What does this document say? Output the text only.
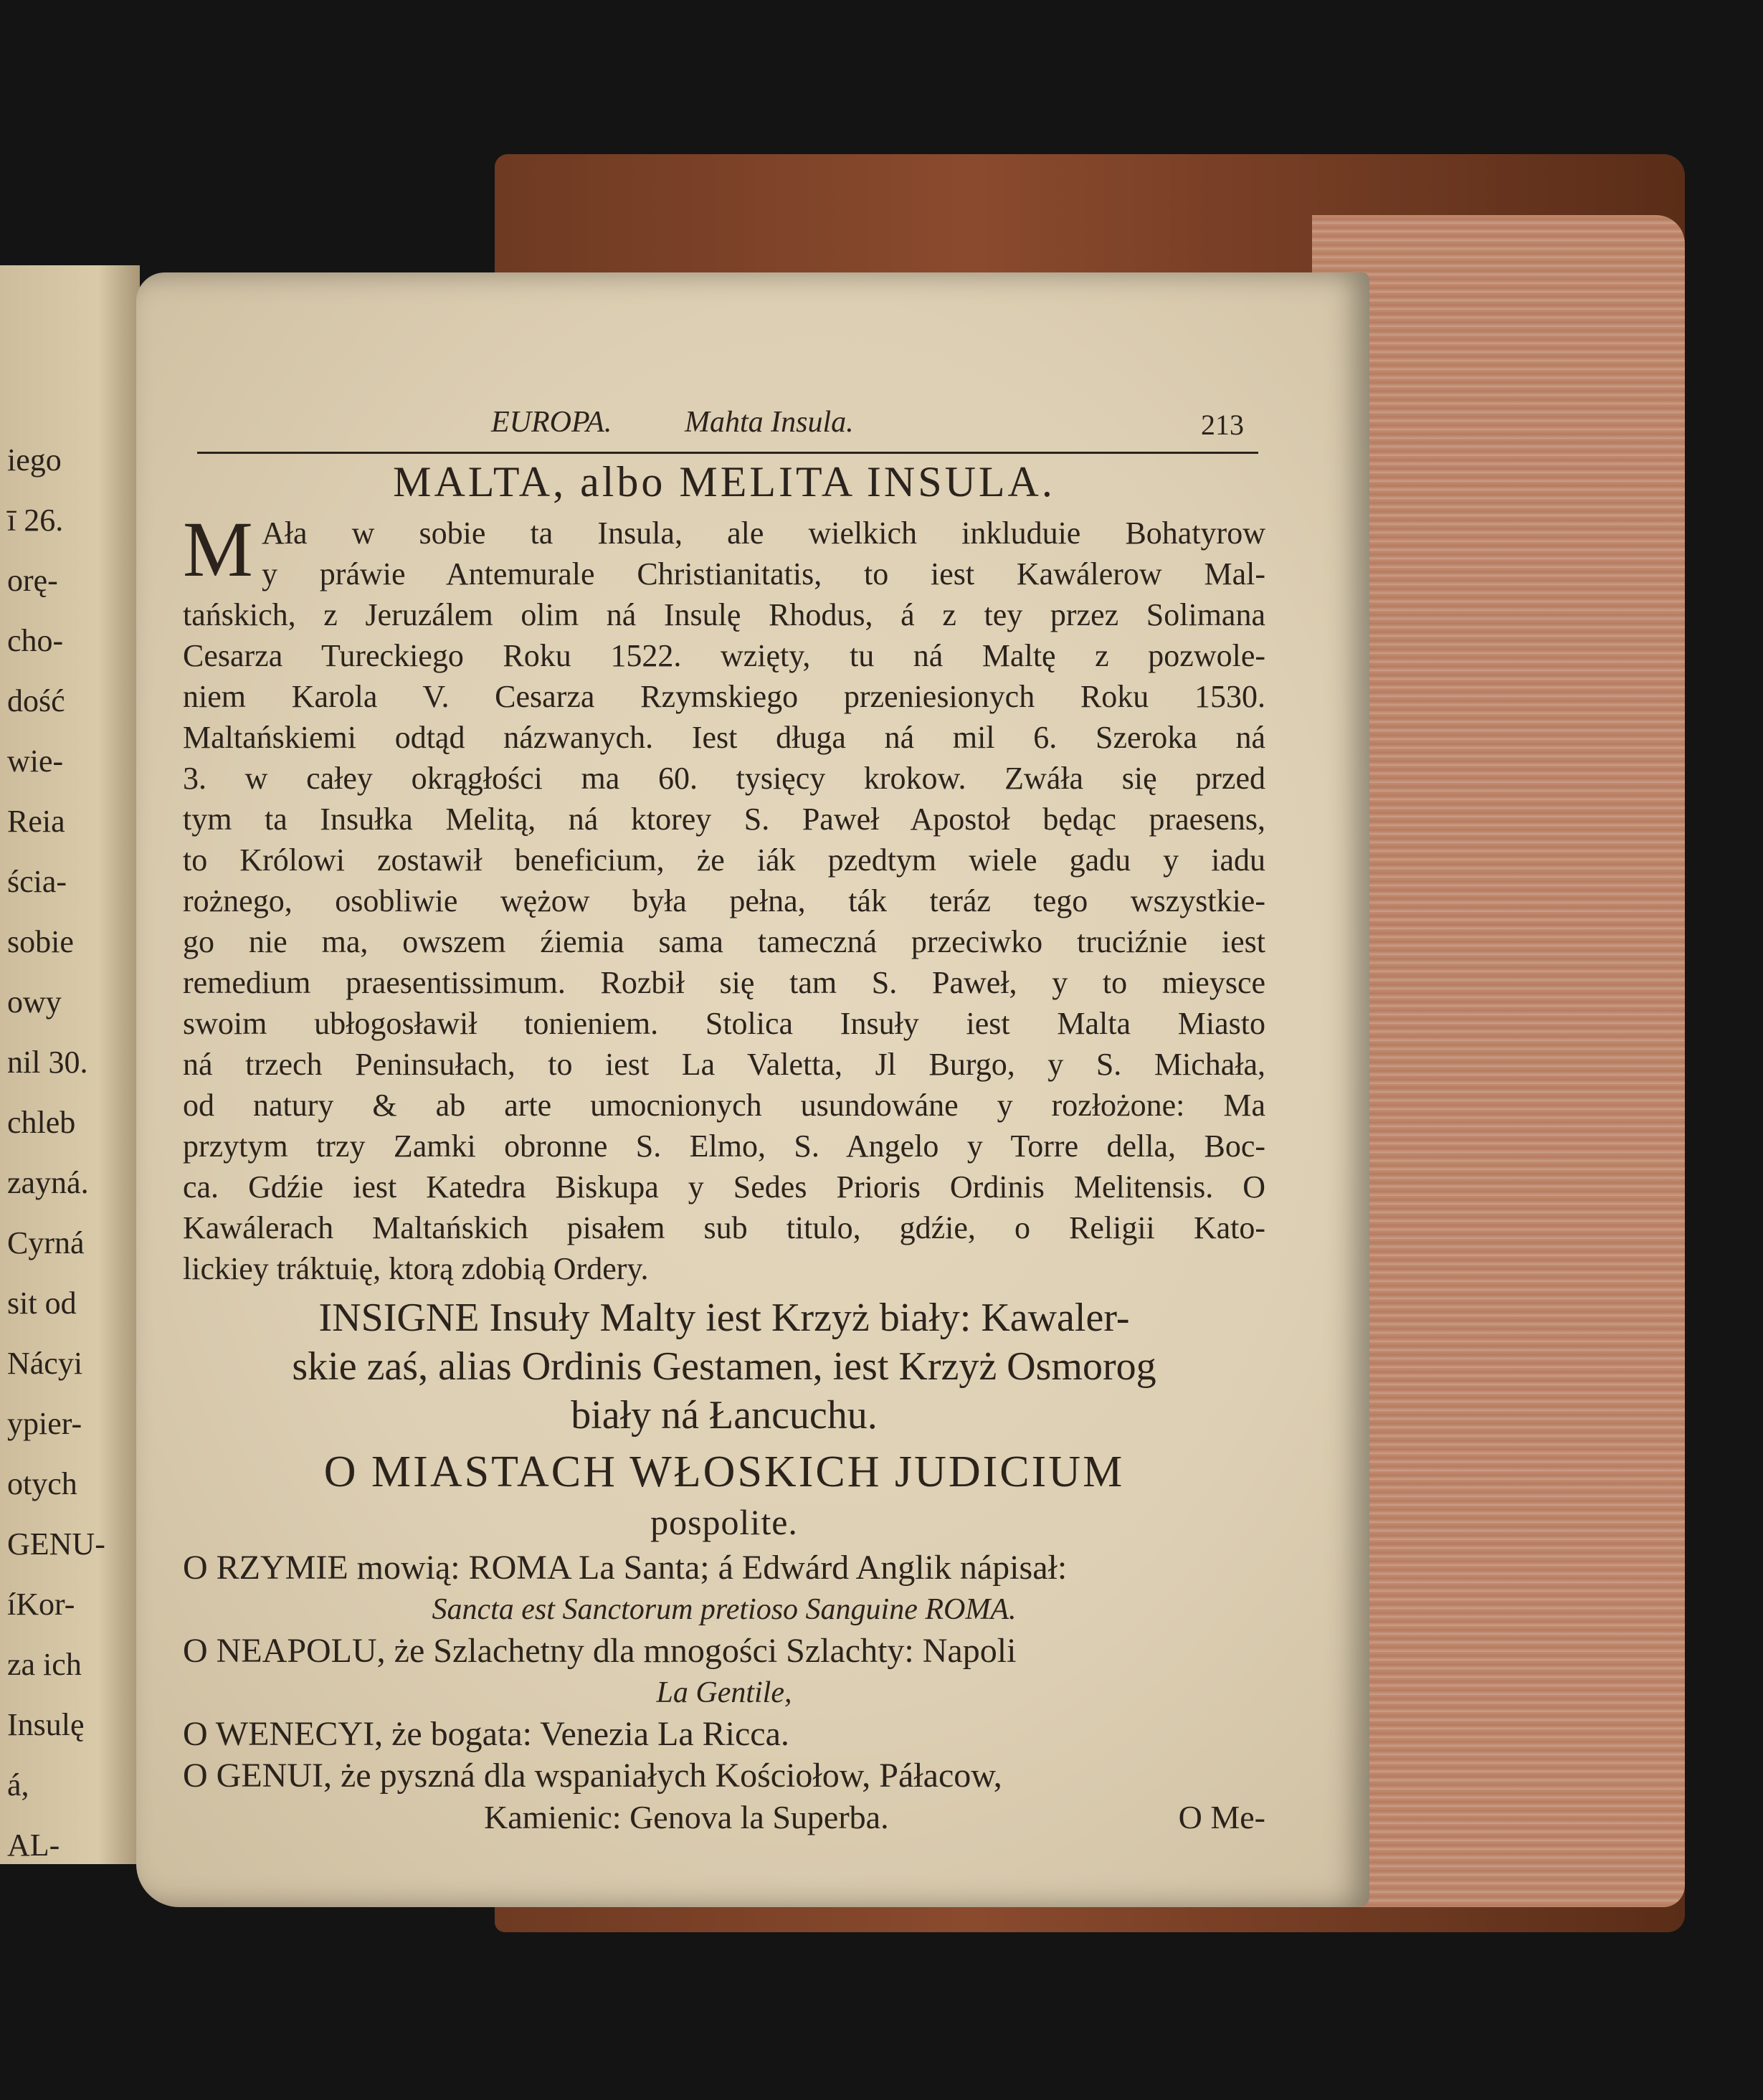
iego
ī 26.
orę-
cho-
dość
wie-
Reia
ścia-
sobie
owy
nil 30.
chleb
zayná.
Cyrná
sit od
Nácyi
ypier-
otych
GENU-
íKor-
za ich
Insulę
á,
AL-
EUROPA. Mahta Insula.	213
MALTA, albo MELITA INSULA.
M Ała w sobie ta Insula, ale wielkich inkluduie Bohatyrow

y práwie Antemurale Christianitatis, to iest Kawálerow Mal-

tańskich, z Jeruzálem olim ná Insulę Rhodus, á z tey przez Solimana

Cesarza Tureckiego Roku 1522. wzięty, tu ná Maltę z pozwole-

niem Karola V. Cesarza Rzymskiego przeniesionych Roku 1530.

Maltańskiemi odtąd názwanych. Iest długa ná mil 6. Szeroka ná

3. w całey okrągłości ma 60. tysięcy krokow. Zwáła się przed

tym ta Insułka Melitą, ná ktorey S. Paweł Apostoł będąc praesens,

to Królowi zostawił beneficium, że iák pzedtym wiele gadu y iadu

rożnego, osobliwie wężow była pełna, ták teráz tego wszystkie-

go nie ma, owszem źiemia sama tameczná przeciwko truciźnie iest

remedium praesentissimum. Rozbił się tam S. Paweł, y to mieysce

swoim ubłogosławił tonieniem. Stolica Insuły iest Malta Miasto

ná trzech Peninsułach, to iest La Valetta, Jl Burgo, y S. Michała,

od natury & ab arte umocnionych usundowáne y rozłożone: Ma

przytym trzy Zamki obronne S. Elmo, S. Angelo y Torre della, Boc-

ca. Gdźie iest Katedra Biskupa y Sedes Prioris Ordinis Melitensis. O

Kawálerach Maltańskich pisałem sub titulo, gdźie, o Religii Kato-

lickiey tráktuię, ktorą zdobią Ordery.

INSIGNE Insuły Malty iest Krzyż biały: Kawaler-
skie zaś, alias Ordinis Gestamen, iest Krzyż Osmorog
biały ná Łancuchu.
O MIASTACH WŁOSKICH JUDICIUM
pospolite.
O RZYMIE mowią: ROMA La Santa; á Edwárd Anglik nápisał:
Sancta est Sanctorum pretioso Sanguine ROMA.
O NEAPOLU, że Szlachetny dla mnogości Szlachty: Napoli
La Gentile,
O WENECYI, że bogata: Venezia La Ricca.
O GENUI, że pyszná dla wspaniałych Kościołow, Páłacow,
Kamienic: Genova la Superba.	O Me-
